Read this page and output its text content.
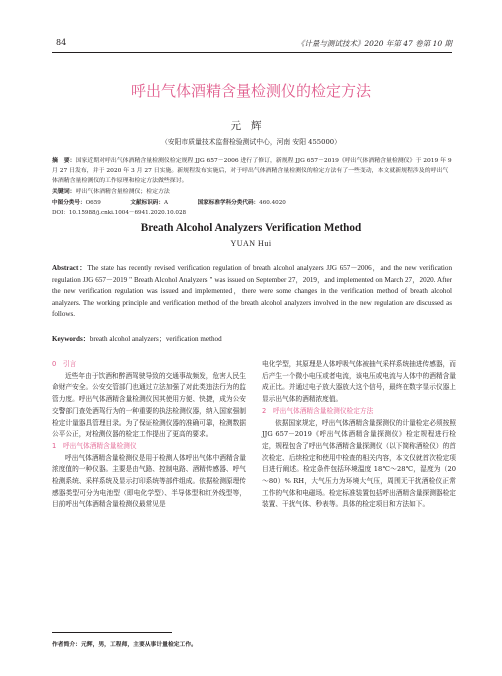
84	《计量与测试技术》2020 年第 47 卷第 10 期
呼出气体酒精含量检测仪的检定方法
元辉
（安阳市质量技术监督检验测试中心，河南 安阳 455000）
摘　要：国家近期对呼出气体酒精含量检测仪检定规程 JJG 657－2006 进行了修订，新规程 JJG 657－2019《呼出气体酒精含量检测仪》于 2019 年 9 月 27 日发布，并于 2020 年 3 月 27 日实施。新规程发布实施后，对于呼出气体酒精含量检测仪的检定方法有了一些变动，本文就新规程涉及的呼出气体酒精含量检测仪的工作原理和检定方法做些探讨。
关键词：呼出气体酒精含量检测仪；检定方法
中图分类号：O659	文献标识码：A	国家标准学科分类代码：460.4020
DOI：10.15988/j.cnki.1004－6941.2020.10.028
Breath Alcohol Analyzers Verification Method
YUAN Hui
Abstract：The state has recently revised verification regulation of breath alcohol analyzers JJG 657－2006，and the new verification regulation JJG 657－2019 " Breath Alcohol Analyzers " was issued on September 27，2019，and implemented on March 27，2020. After the new verification regulation was issued and implemented，there were some changes in the verification method of breath alcohol analyzers. The working principle and verification method of the breath alcohol analyzers involved in the new regulation are discussed as follows.
Keywords：breath alcohol analyzers；verification method
0　引言
近些年由于饮酒和醉酒驾驶导致的交通事故频发，危害人民生命财产安全。公安交管部门也通过立法加强了对此类违法行为的监管力度。呼出气体酒精含量检测仪因其使用方便、快捷，成为公安交警部门查处酒驾行为的一种重要的执法检测仪器，纳入国家强制检定计量器具管理目录。为了保证检测仪器的准确可靠，检测数据公平公正，对检测仪器的检定工作提出了更高的要求。
1　呼出气体酒精含量检测仪
呼出气体酒精含量检测仪是用于检测人体呼出气体中酒精含量浓度值的一种仪器。主要是由气路、控制电路、酒精传感器、呼气检测系统、采样系统及显示打印系统等部件组成。依据检测原理传感器类型可分为电池型（即电化学型）、半导体型和红外线型等，目前呼出气体酒精含量检测仪最常见是
电化学型，其原理是人体呼吸气体被抽气采样系统抽进传感器，而后产生一个微小电压或者电流，该电压或电流与人体中的酒精含量成正比。并通过电子放大器放大这个信号，最终在数字显示仪器上显示出气体的酒精浓度值。
2　呼出气体酒精含量检测仪检定方法
依据国家规定，呼出气体酒精含量探测仪的计量检定必须按照 JJG 657－2019《呼出气体酒精含量探测仪》检定规程进行检定，规程包含了呼出气体酒精含量探测仪（以下简称酒检仪）的首次检定、后续检定和使用中检查的相关内容，本文仅就首次检定项目进行阐述。检定条件包括环境温度 18℃～28℃，湿度为（20～80）% RH，大气压力为环境大气压，周围无干扰酒检仪正常工作的气体和电磁场。检定标准装置包括呼出酒精含量探测器检定装置、干扰气体、秒表等。具体的检定项目和方法如下。
作者简介：元辉，男，工程师，主要从事计量检定工作。
